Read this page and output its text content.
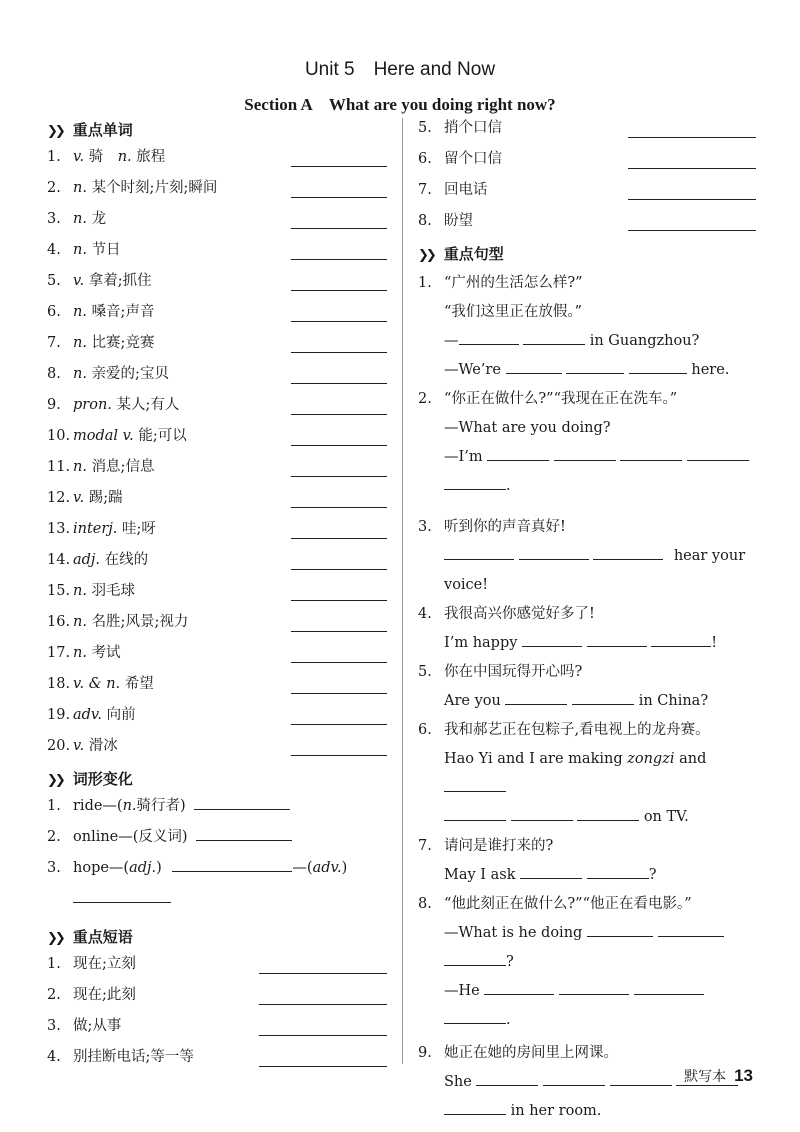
Unit 5　Here and Now
Section A　What are you doing right now?
❯❯ 重点单词
1. v. 骑　n. 旅程
2. n. 某个时刻;片刻;瞬间
3. n. 龙
4. n. 节日
5. v. 拿着;抓住
6. n. 嗓音;声音
7. n. 比赛;竞赛
8. n. 亲爱的;宝贝
9. pron. 某人;有人
10. modal v. 能;可以
11. n. 消息;信息
12. v. 踢;踹
13. interj. 哇;呀
14. adj. 在线的
15. n. 羽毛球
16. n. 名胜;风景;视力
17. n. 考试
18. v. & n. 希望
19. adv. 向前
20. v. 滑冰
❯❯ 词形变化
1. ride—(n.骑行者)
2. online—(反义词)
3. hope—(adj.)	—(adv.)
❯❯ 重点短语
1. 现在;立刻
2. 现在;此刻
3. 做;从事
4. 别挂断电话;等一等
5. 捎个口信
6. 留个口信
7. 回电话
8. 盼望
❯❯ 重点句型
1. “广州的生活怎么样?”
“我们这里正在放假。”
—	in Guangzhou?
—We’re	here.
2. “你正在做什么?”“我现在正在洗车。”
—What are you doing?
—I’m
.
3. 听到你的声音真好!
hear your
voice!
4. 我很高兴你感觉好多了!
I’m happy	!
5. 你在中国玩得开心吗?
Are you	in China?
6. 我和郝艺正在包粽子,看电视上的龙舟赛。
Hao Yi and I are making zongzi and
on TV.
7. 请问是谁打来的?
May I ask	?
8. “他此刻正在做什么?”“他正在看电影。”
—What is he doing
?
—He
.
9. 她正在她的房间里上网课。
She
in her room.
默写本 13
